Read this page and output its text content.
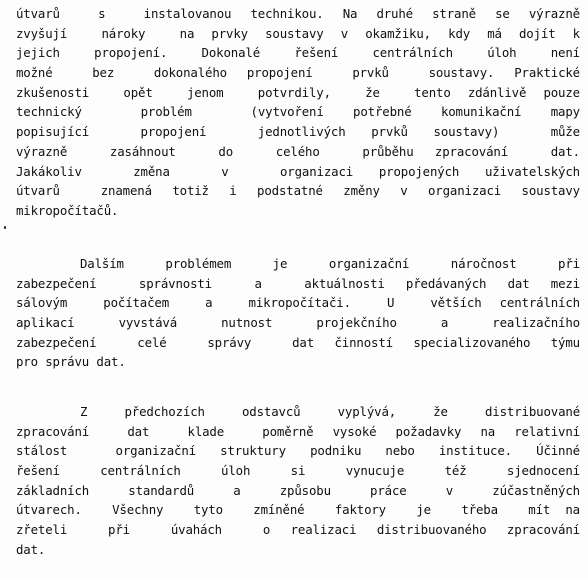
útvarů  s  instalovanou technikou. Na druhé straně se výrazně
zvyšují  nároky  na prvky soustavy v okamžiku, kdy má dojít k
jejich  propojení.  Dokonalé  řešení  centrálních  úloh  není
možné  bez  dokonalého propojení  prvků  soustavy. Praktické
zkušenosti  opět  jenom  potvrdily,  že  tento zdánlivě pouze
technický  problém  (vytvoření potřebné komunikační mapy
popisující  propojení  jednotlivých prvků soustavy)  může
výrazně  zasáhnout  do  celého  průběhu zpracování  dat.
Jakákoliv  změna  v  organizaci propojených uživatelských
útvarů  znamená totiž i podstatné změny v organizaci soustavy
mikropočítačů.
Dalším  problémem  je  organizační  náročnost  při
zabezpečení  správnosti  a  aktuálnosti předávaných dat mezi
sálovým  počítačem  a  mikropočítači.  U  větších centrálních
aplikací  vyvstává  nutnost  projekčního  a  realizačního
zabezpečení  celé  správy  dat činností specializovaného týmu
pro správu dat.
Z  předchozích  odstavců  vyplývá,  že  distribuované
zpracování  dat  klade  poměrně vysoké požadavky na relativní
stálost  organizační struktury podniku nebo instituce. Účinné
řešení  centrálních  úloh  si  vynucuje  též  sjednocení
základních  standardů  a  způsobu  práce  v  zúčastněných
útvarech.  Všechny  tyto  zmíněné  faktory  je  třeba  mít na
zřeteli  při  úvahách  o realizaci distribuovaného zpracování
dat.
